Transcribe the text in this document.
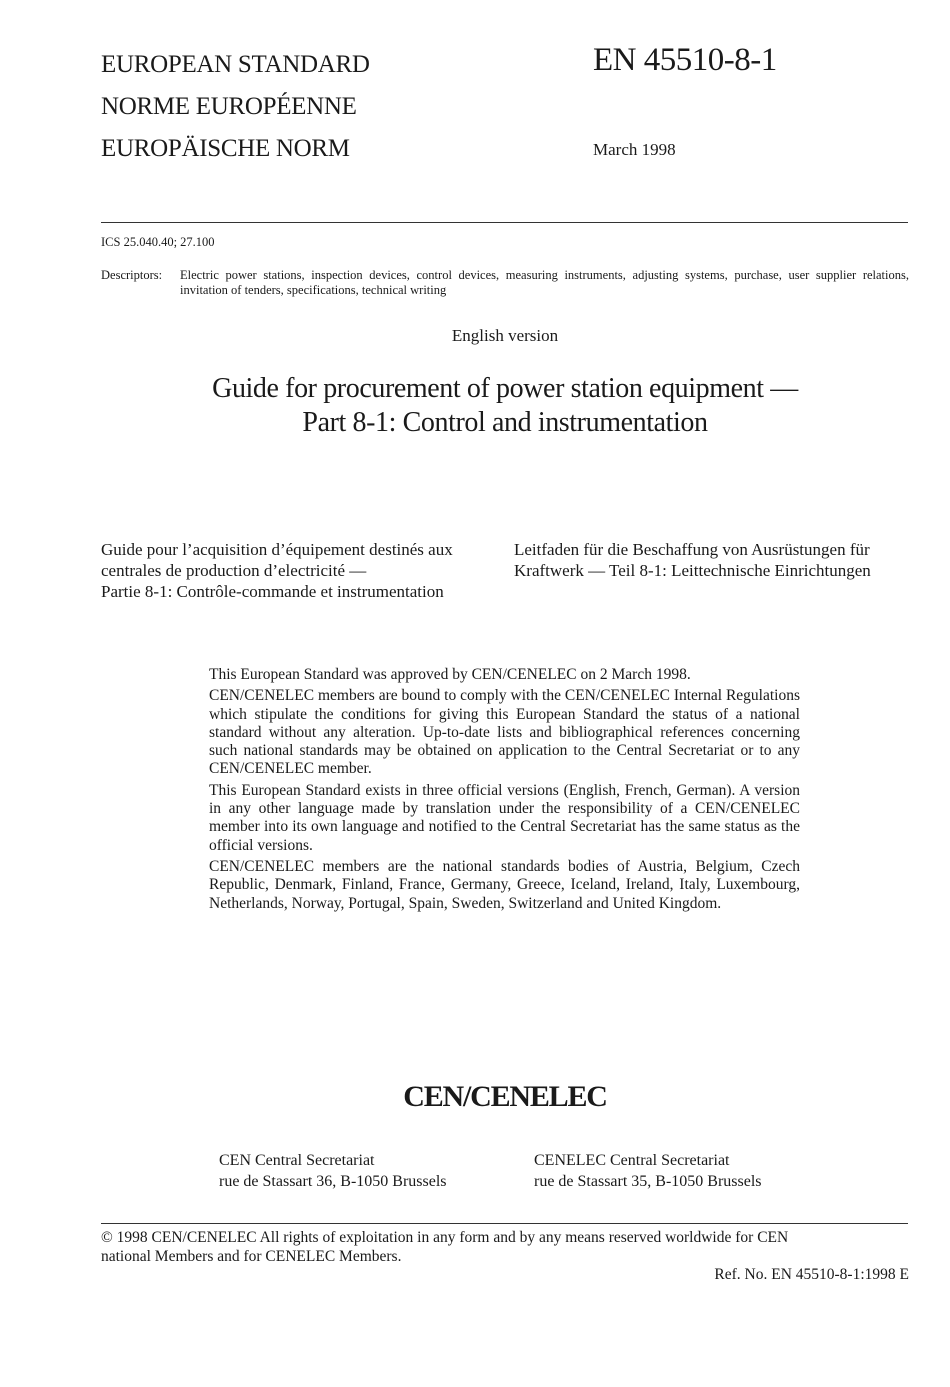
EUROPEAN STANDARD
NORME EUROPÉENNE
EUROPÄISCHE NORM
EN 45510-8-1
March 1998
ICS 25.040.40; 27.100
Descriptors: Electric power stations, inspection devices, control devices, measuring instruments, adjusting systems, purchase, user supplier relations, invitation of tenders, specifications, technical writing
English version
Guide for procurement of power station equipment —
Part 8-1: Control and instrumentation
Guide pour l’acquisition d’équipement destinés aux
centrales de production d’electricité —
Partie 8-1: Contrôle-commande et instrumentation
Leitfaden für die Beschaffung von Ausrüstungen für
Kraftwerk — Teil 8-1: Leittechnische Einrichtungen

This European Standard was approved by CEN/CENELEC on 2 March 1998.

CEN/CENELEC members are bound to comply with the CEN/CENELEC Internal Regulations which stipulate the conditions for giving this European Standard the status of a national standard without any alteration. Up-to-date lists and bibliographical references concerning such national standards may be obtained on application to the Central Secretariat or to any CEN/CENELEC member.

This European Standard exists in three official versions (English, French, German). A version in any other language made by translation under the responsibility of a CEN/CENELEC member into its own language and notified to the Central Secretariat has the same status as the official versions.

CEN/CENELEC members are the national standards bodies of Austria, Belgium, Czech Republic, Denmark, Finland, France, Germany, Greece, Iceland, Ireland, Italy, Luxembourg, Netherlands, Norway, Portugal, Spain, Sweden, Switzerland and United Kingdom.

CEN/CENELEC
CEN Central Secretariat
rue de Stassart 36, B-1050 Brussels
CENELEC Central Secretariat
rue de Stassart 35, B-1050 Brussels
© 1998 CEN/CENELEC All rights of exploitation in any form and by any means reserved worldwide for CEN
national Members and for CENELEC Members.
Ref. No. EN 45510-8-1:1998 E
